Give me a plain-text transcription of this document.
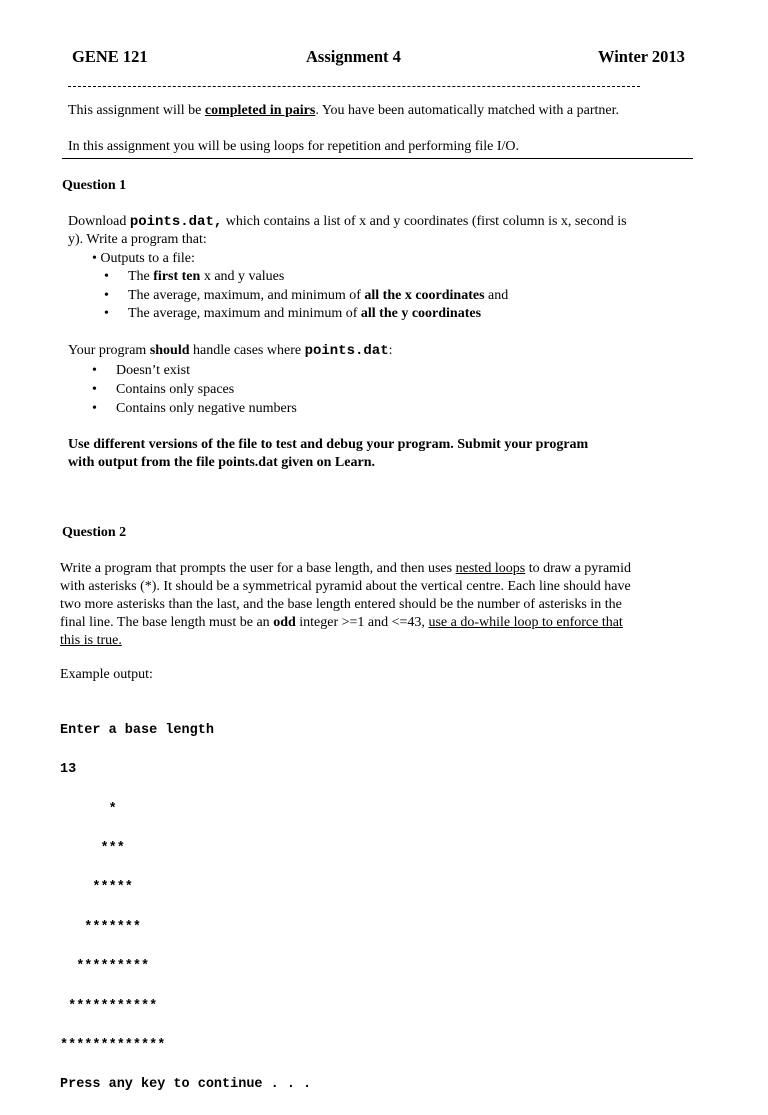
GENE 121	Assignment 4	Winter 2013
This assignment will be completed in pairs. You have been automatically matched with a partner.
In this assignment you will be using loops for repetition and performing file I/O.
Question 1
Download points.dat, which contains a list of x and y coordinates (first column is x, second is
y). Write a program that:
• Outputs to a file:
• The first ten x and y values
• The average, maximum, and minimum of all the x coordinates and
• The average, maximum and minimum of all the y coordinates
Your program should handle cases where points.dat:
• Doesn’t exist
• Contains only spaces
• Contains only negative numbers
Use different versions of the file to test and debug your program. Submit your program
with output from the file points.dat given on Learn.
Question 2
Write a program that prompts the user for a base length, and then uses nested loops to draw a pyramid
with asterisks (*). It should be a symmetrical pyramid about the vertical centre. Each line should have
two more asterisks than the last, and the base length entered should be the number of asterisks in the
final line. The base length must be an odd integer >=1 and <=43, use a do-while loop to enforce that
this is true.
Example output:

Enter a base length

13

*

***

*****

*******

*********

***********

*************

Press any key to continue . . .
